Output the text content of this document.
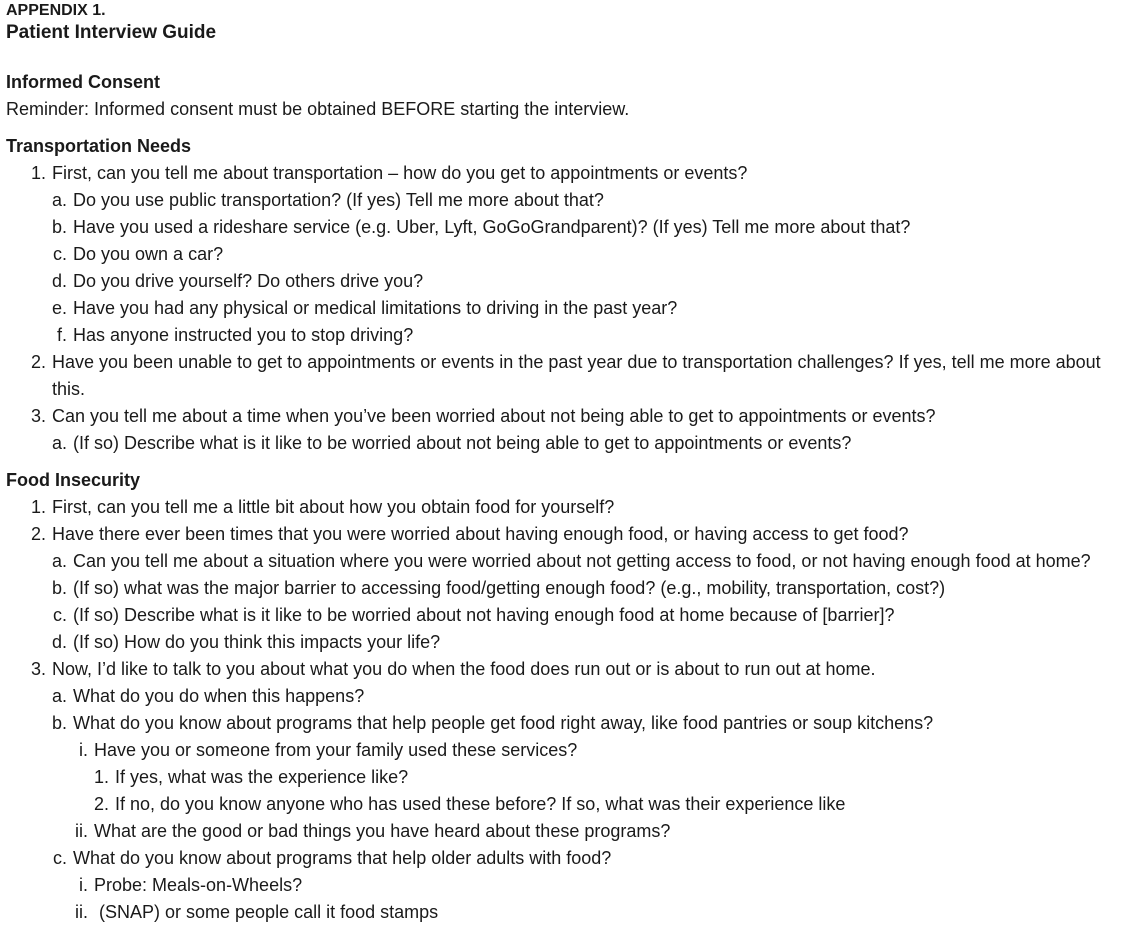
APPENDIX 1.
Patient Interview Guide
Informed Consent
Reminder: Informed consent must be obtained BEFORE starting the interview.
Transportation Needs
1. First, can you tell me about transportation – how do you get to appointments or events?
a. Do you use public transportation? (If yes) Tell me more about that?
b. Have you used a rideshare service (e.g. Uber, Lyft, GoGoGrandparent)? (If yes) Tell me more about that?
c. Do you own a car?
d. Do you drive yourself? Do others drive you?
e. Have you had any physical or medical limitations to driving in the past year?
f. Has anyone instructed you to stop driving?
2. Have you been unable to get to appointments or events in the past year due to transportation challenges? If yes, tell me more about this.
3. Can you tell me about a time when you’ve been worried about not being able to get to appointments or events?
a. (If so) Describe what is it like to be worried about not being able to get to appointments or events?
Food Insecurity
1. First, can you tell me a little bit about how you obtain food for yourself?
2. Have there ever been times that you were worried about having enough food, or having access to get food?
a. Can you tell me about a situation where you were worried about not getting access to food, or not having enough food at home?
b. (If so) what was the major barrier to accessing food/getting enough food? (e.g., mobility, transportation, cost?)
c. (If so) Describe what is it like to be worried about not having enough food at home because of [barrier]?
d. (If so) How do you think this impacts your life?
3. Now, I’d like to talk to you about what you do when the food does run out or is about to run out at home.
a. What do you do when this happens?
b. What do you know about programs that help people get food right away, like food pantries or soup kitchens?
i. Have you or someone from your family used these services?
1. If yes, what was the experience like?
2. If no, do you know anyone who has used these before? If so, what was their experience like
ii. What are the good or bad things you have heard about these programs?
c. What do you know about programs that help older adults with food?
i. Probe: Meals-on-Wheels?
ii. (SNAP) or some people call it food stamps
